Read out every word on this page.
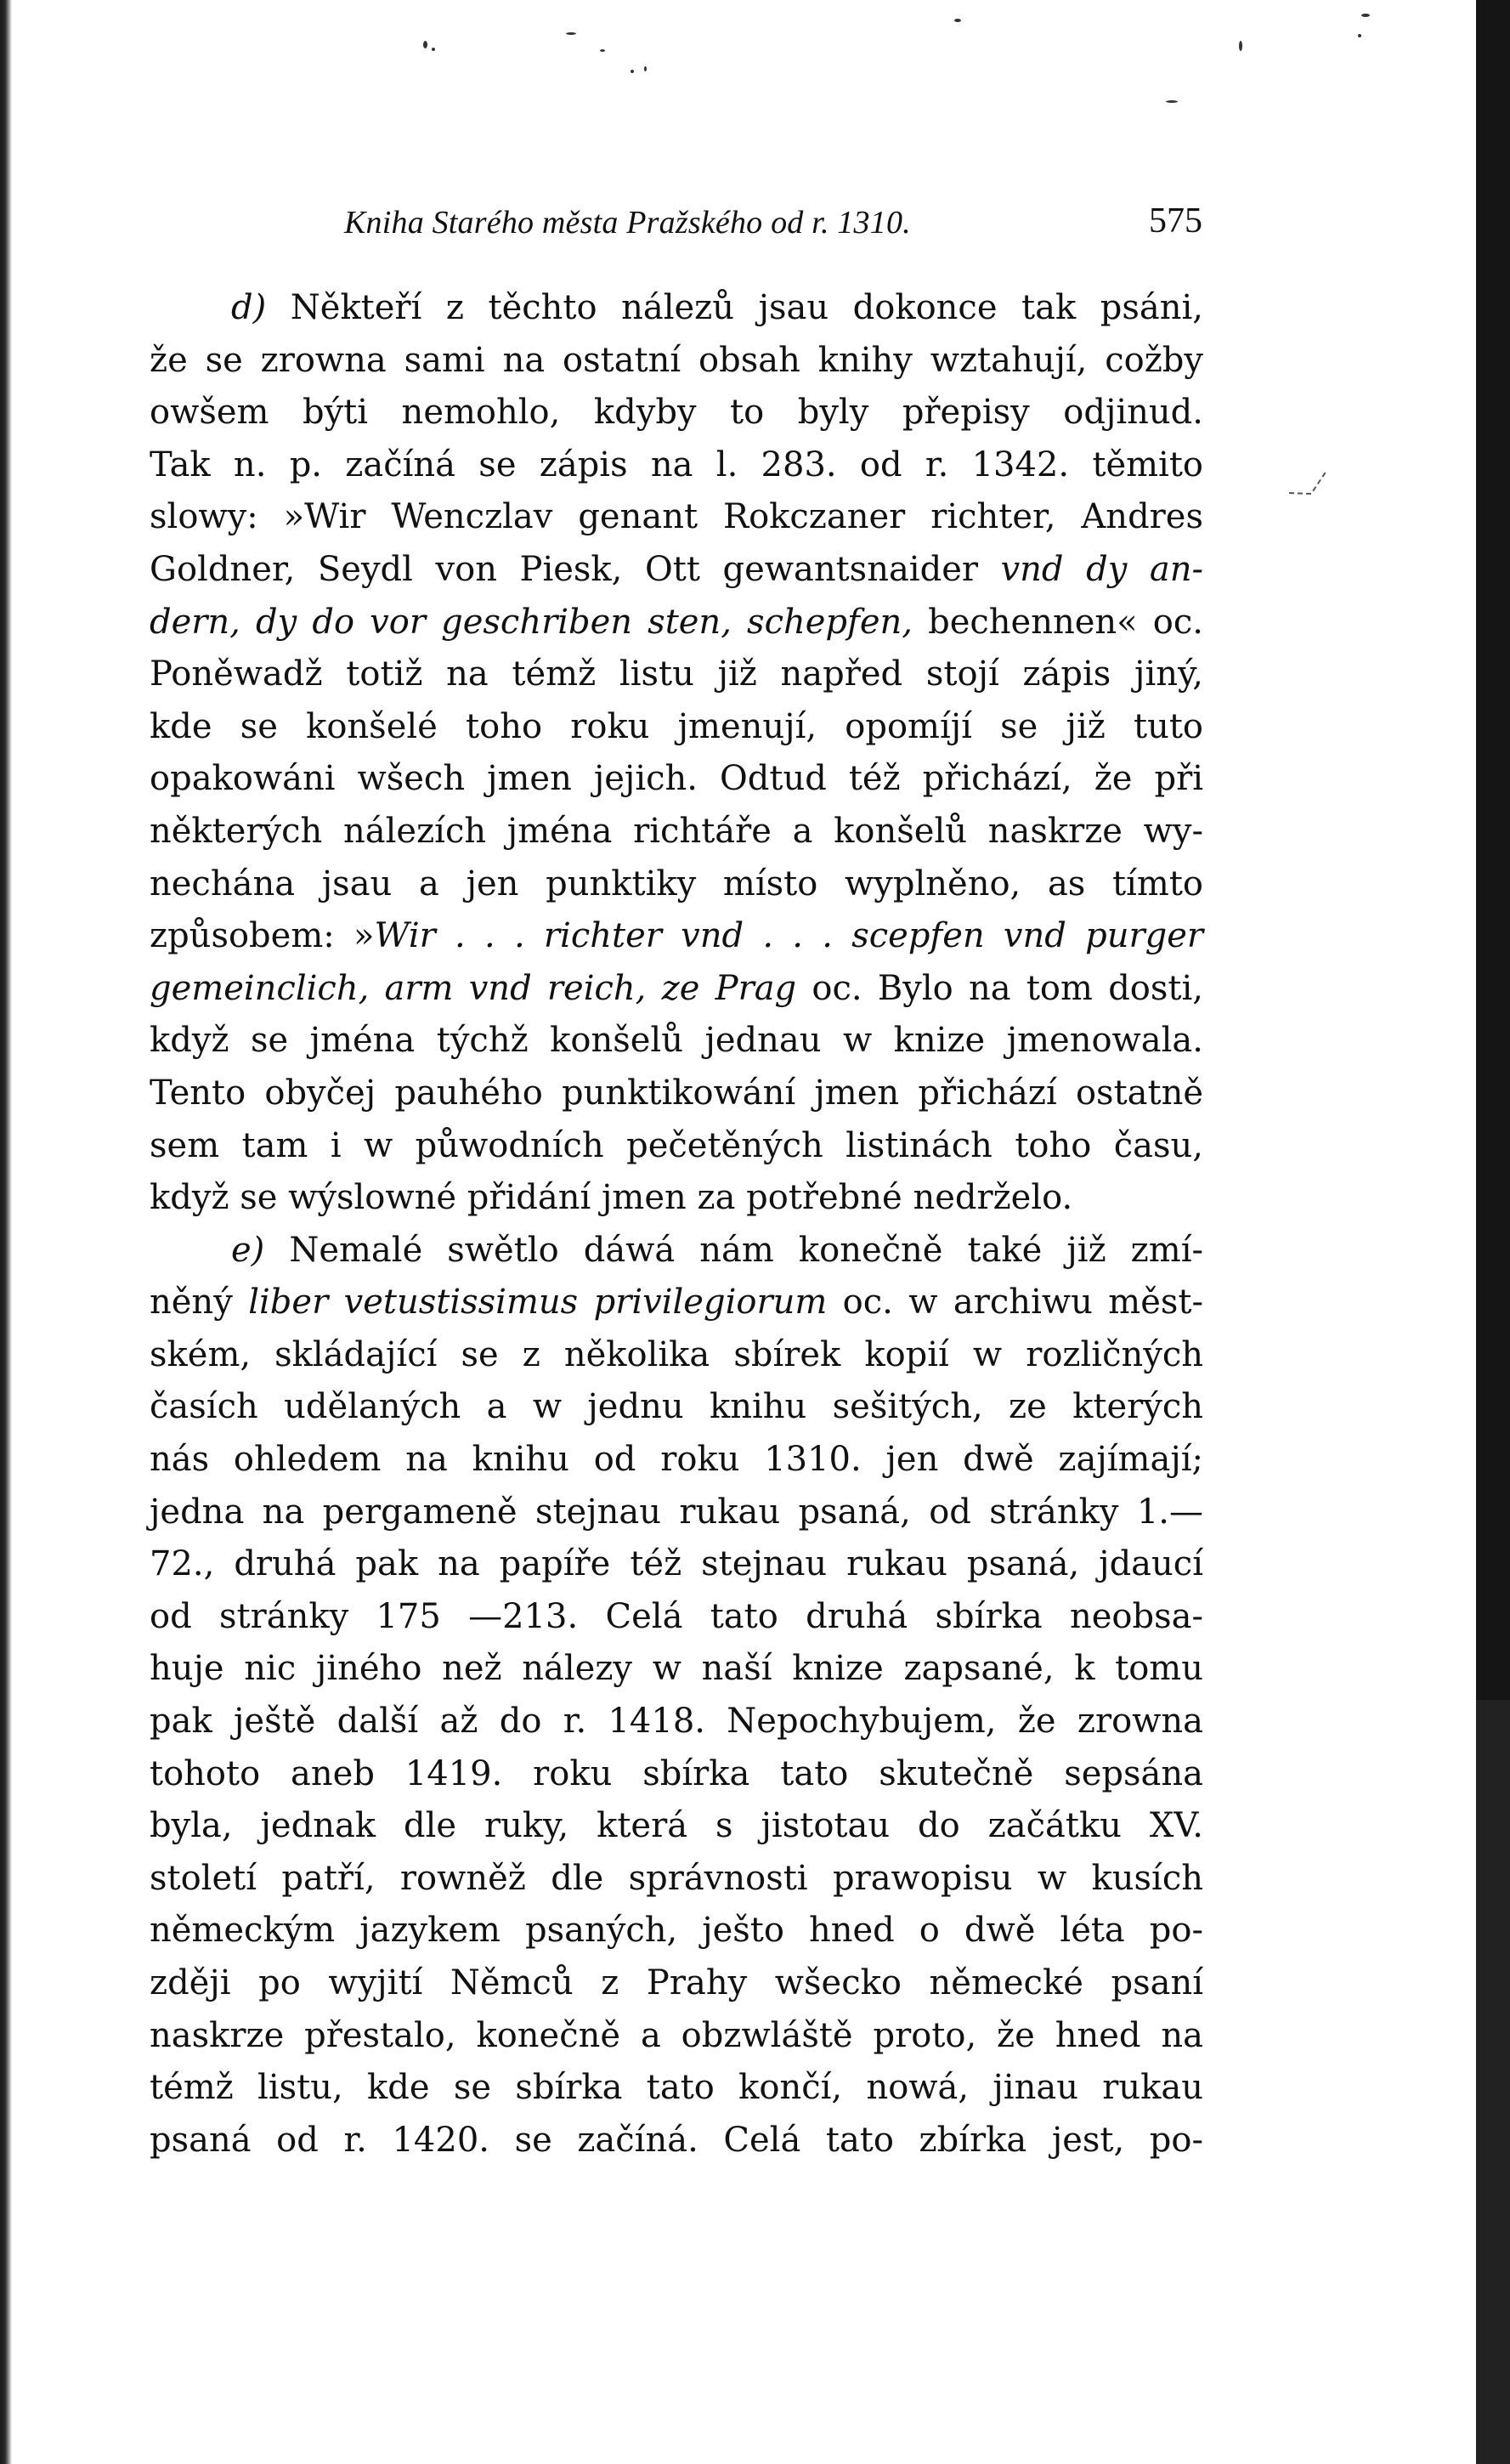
Kniha Starého města Pražského od r. 1310.	575
d) Někteří z těchto nálezů jsau dokonce tak psáni,
že se zrowna sami na ostatní obsah knihy wztahují, cožby
owšem býti nemohlo, kdyby to byly přepisy odjinud.
Tak n. p. začíná se zápis na l. 283. od r. 1342. těmito
slowy: »Wir Wenczlav genant Rokczaner richter, Andres
Goldner, Seydl von Piesk, Ott gewantsnaider vnd dy an-
dern, dy do vor geschriben sten, schepfen, bechennen« oc.
Poněwadž totiž na témž listu již napřed stojí zápis jiný,
kde se konšelé toho roku jmenují, opomíjí se již tuto
opakowáni wšech jmen jejich. Odtud též přichází, že při
některých nálezích jména richtáře a konšelů naskrze wy-
nechána jsau a jen punktiky místo wyplněno, as tímto
způsobem: »Wir . . . richter vnd . . . scepfen vnd purger
gemeinclich, arm vnd reich, ze Prag oc. Bylo na tom dosti,
když se jména týchž konšelů jednau w knize jmenowala.
Tento obyčej pauhého punktikowání jmen přichází ostatně
sem tam i w půwodních pečetěných listinách toho času,
když se wýslowné přidání jmen za potřebné nedrželo.
e) Nemalé swětlo dáwá nám konečně také již zmí-
něný liber vetustissimus privilegiorum oc. w archiwu měst-
ském, skládající se z několika sbírek kopií w rozličných
časích udělaných a w jednu knihu sešitých, ze kterých
nás ohledem na knihu od roku 1310. jen dwě zajímají;
jedna na pergameně stejnau rukau psaná, od stránky 1.—
72., druhá pak na papíře též stejnau rukau psaná, jdaucí
od stránky 175 —213. Celá tato druhá sbírka neobsa-
huje nic jiného než nálezy w naší knize zapsané, k tomu
pak ještě další až do r. 1418. Nepochybujem, že zrowna
tohoto aneb 1419. roku sbírka tato skutečně sepsána
byla, jednak dle ruky, která s jistotau do začátku XV.
století patří, rowněž dle správnosti prawopisu w kusích
německým jazykem psaných, ješto hned o dwě léta po-
zději po wyjití Němců z Prahy wšecko německé psaní
naskrze přestalo, konečně a obzwláště proto, že hned na
témž listu, kde se sbírka tato končí, nowá, jinau rukau
psaná od r. 1420. se začíná. Celá tato zbírka jest, po-
